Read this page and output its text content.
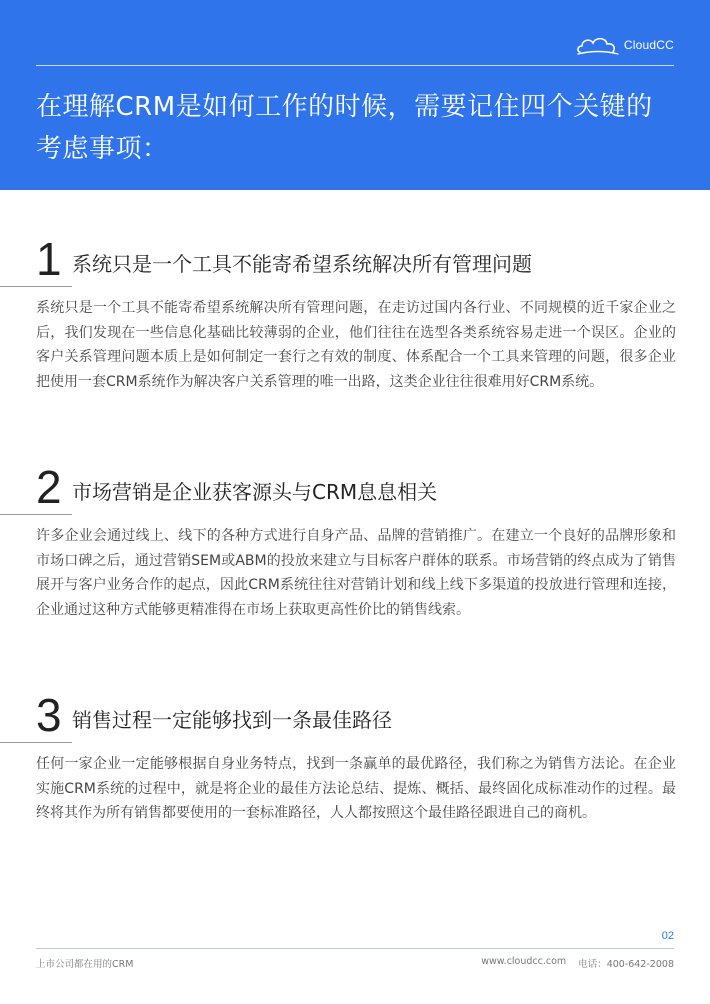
CloudCC
在理解CRM是如何工作的时候，需要记住四个关键的考虑事项：
1 系统只是一个工具不能寄希望系统解决所有管理问题

系统只是一个工具不能寄希望系统解决所有管理问题，在走访过国内各行业、不同规模的近千家企业之后，我们发现在一些信息化基础比较薄弱的企业，他们往往在选型各类系统容易走进一个误区。企业的客户关系管理问题本质上是如何制定一套行之有效的制度、体系配合一个工具来管理的问题，很多企业把使用一套CRM系统作为解决客户关系管理的唯一出路，这类企业往往很难用好CRM系统。

2 市场营销是企业获客源头与CRM息息相关

许多企业会通过线上、线下的各种方式进行自身产品、品牌的营销推广。在建立一个良好的品牌形象和市场口碑之后，通过营销SEM或ABM的投放来建立与目标客户群体的联系。市场营销的终点成为了销售展开与客户业务合作的起点，因此CRM系统往往对营销计划和线上线下多渠道的投放进行管理和连接，企业通过这种方式能够更精准得在市场上获取更高性价比的销售线索。

3 销售过程一定能够找到一条最佳路径

任何一家企业一定能够根据自身业务特点，找到一条赢单的最优路径，我们称之为销售方法论。在企业实施CRM系统的过程中，就是将企业的最佳方法论总结、提炼、概括、最终固化成标准动作的过程。最终将其作为所有销售都要使用的一套标准路径，人人都按照这个最佳路径跟进自己的商机。

02
上市公司都在用的CRM	www.cloudcc.com 电话：400-642-2008
